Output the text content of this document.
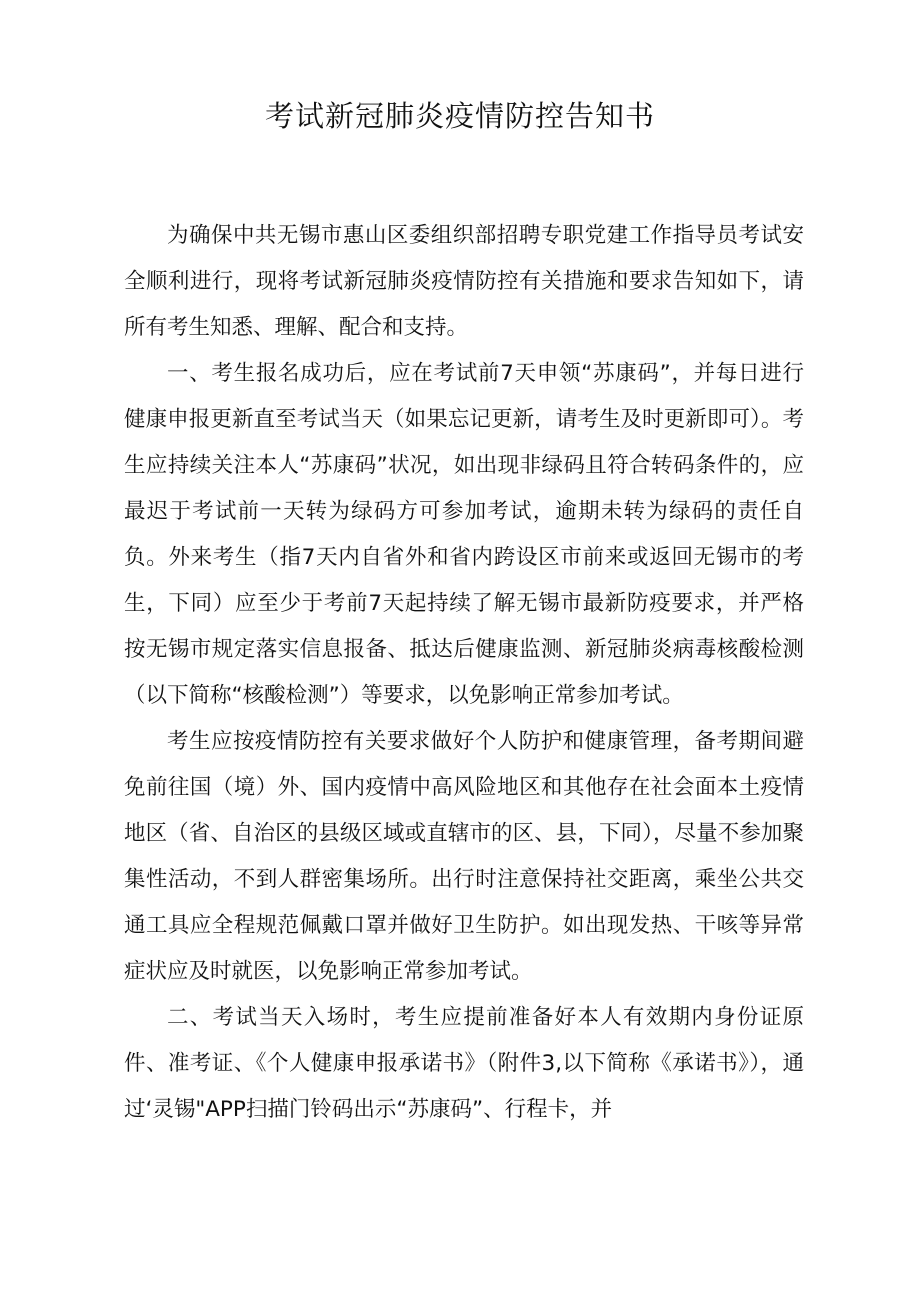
考试新冠肺炎疫情防控告知书

为确保中共无锡市惠山区委组织部招聘专职党建工作指导员考试安全顺利进行，现将考试新冠肺炎疫情防控有关措施和要求告知如下，请所有考生知悉、理解、配合和支持。

一、考生报名成功后，应在考试前7天申领“苏康码”，并每日进行健康申报更新直至考试当天（如果忘记更新，请考生及时更新即可）。考生应持续关注本人“苏康码”状况，如出现非绿码且符合转码条件的，应最迟于考试前一天转为绿码方可参加考试，逾期未转为绿码的责任自负。外来考生（指7天内自省外和省内跨设区市前来或返回无锡市的考生，下同）应至少于考前7天起持续了解无锡市最新防疫要求，并严格按无锡市规定落实信息报备、抵达后健康监测、新冠肺炎病毒核酸检测（以下简称“核酸检测”）等要求，以免影响正常参加考试。

考生应按疫情防控有关要求做好个人防护和健康管理，备考期间避免前往国（境）外、国内疫情中高风险地区和其他存在社会面本土疫情地区（省、自治区的县级区域或直辖市的区、县，下同），尽量不参加聚集性活动，不到人群密集场所。出行时注意保持社交距离，乘坐公共交通工具应全程规范佩戴口罩并做好卫生防护。如出现发热、干咳等异常症状应及时就医，以免影响正常参加考试。

二、考试当天入场时，考生应提前准备好本人有效期内身份证原件、准考证、《个人健康申报承诺书》（附件3,以下简称《承诺书》），通过‘灵锡"APP扫描门铃码出示“苏康码”、行程卡，并
